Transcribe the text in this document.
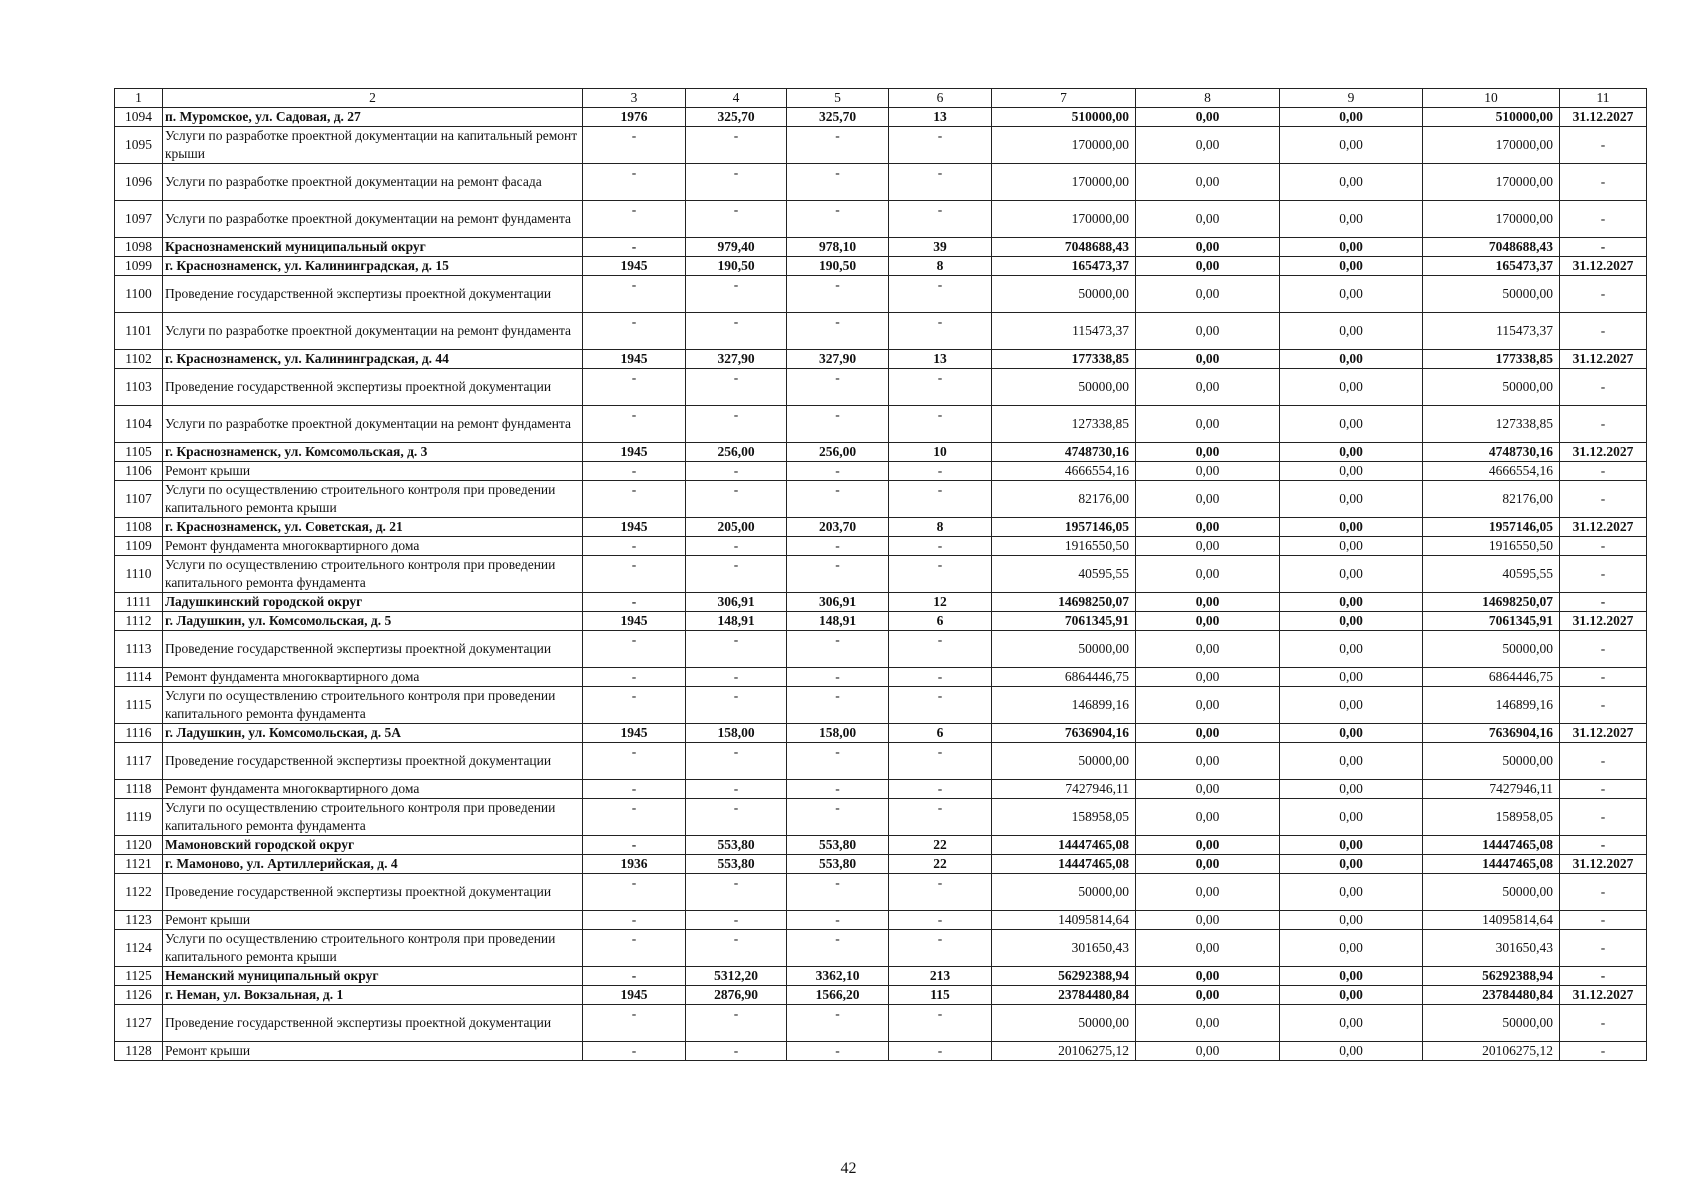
1	2	3	4	5	6	7	8	9	10	11
1094	п. Муромское, ул. Садовая, д. 27	1976	325,70	325,70	13	510000,00	0,00	0,00	510000,00	31.12.2027
1095	Услуги по разработке проектной документации на капитальный ремонт крыши	-	-	-	-	170000,00	0,00	0,00	170000,00	-
1096	Услуги по разработке проектной документации на ремонт фасада	-	-	-	-	170000,00	0,00	0,00	170000,00	-
1097	Услуги по разработке проектной документации на ремонт фундамента	-	-	-	-	170000,00	0,00	0,00	170000,00	-
1098	Краснознаменский муниципальный округ	-	979,40	978,10	39	7048688,43	0,00	0,00	7048688,43	-
1099	г. Краснознаменск, ул. Калининградская, д. 15	1945	190,50	190,50	8	165473,37	0,00	0,00	165473,37	31.12.2027
1100	Проведение государственной экспертизы проектной документации	-	-	-	-	50000,00	0,00	0,00	50000,00	-
1101	Услуги по разработке проектной документации на ремонт фундамента	-	-	-	-	115473,37	0,00	0,00	115473,37	-
1102	г. Краснознаменск, ул. Калининградская, д. 44	1945	327,90	327,90	13	177338,85	0,00	0,00	177338,85	31.12.2027
1103	Проведение государственной экспертизы проектной документации	-	-	-	-	50000,00	0,00	0,00	50000,00	-
1104	Услуги по разработке проектной документации на ремонт фундамента	-	-	-	-	127338,85	0,00	0,00	127338,85	-
1105	г. Краснознаменск, ул. Комсомольская, д. 3	1945	256,00	256,00	10	4748730,16	0,00	0,00	4748730,16	31.12.2027
1106	Ремонт крыши	-	-	-	-	4666554,16	0,00	0,00	4666554,16	-
1107	Услуги по осуществлению строительного контроля при проведении капитального ремонта крыши	-	-	-	-	82176,00	0,00	0,00	82176,00	-
1108	г. Краснознаменск, ул. Советская, д. 21	1945	205,00	203,70	8	1957146,05	0,00	0,00	1957146,05	31.12.2027
1109	Ремонт фундамента многоквартирного дома	-	-	-	-	1916550,50	0,00	0,00	1916550,50	-
1110	Услуги по осуществлению строительного контроля при проведении капитального ремонта фундамента	-	-	-	-	40595,55	0,00	0,00	40595,55	-
1111	Ладушкинский городской округ	-	306,91	306,91	12	14698250,07	0,00	0,00	14698250,07	-
1112	г. Ладушкин, ул. Комсомольская, д. 5	1945	148,91	148,91	6	7061345,91	0,00	0,00	7061345,91	31.12.2027
1113	Проведение государственной экспертизы проектной документации	-	-	-	-	50000,00	0,00	0,00	50000,00	-
1114	Ремонт фундамента многоквартирного дома	-	-	-	-	6864446,75	0,00	0,00	6864446,75	-
1115	Услуги по осуществлению строительного контроля при проведении капитального ремонта фундамента	-	-	-	-	146899,16	0,00	0,00	146899,16	-
1116	г. Ладушкин, ул. Комсомольская, д. 5А	1945	158,00	158,00	6	7636904,16	0,00	0,00	7636904,16	31.12.2027
1117	Проведение государственной экспертизы проектной документации	-	-	-	-	50000,00	0,00	0,00	50000,00	-
1118	Ремонт фундамента многоквартирного дома	-	-	-	-	7427946,11	0,00	0,00	7427946,11	-
1119	Услуги по осуществлению строительного контроля при проведении капитального ремонта фундамента	-	-	-	-	158958,05	0,00	0,00	158958,05	-
1120	Мамоновский городской округ	-	553,80	553,80	22	14447465,08	0,00	0,00	14447465,08	-
1121	г. Мамоново, ул. Артиллерийская, д. 4	1936	553,80	553,80	22	14447465,08	0,00	0,00	14447465,08	31.12.2027
1122	Проведение государственной экспертизы проектной документации	-	-	-	-	50000,00	0,00	0,00	50000,00	-
1123	Ремонт крыши	-	-	-	-	14095814,64	0,00	0,00	14095814,64	-
1124	Услуги по осуществлению строительного контроля при проведении капитального ремонта крыши	-	-	-	-	301650,43	0,00	0,00	301650,43	-
1125	Неманский муниципальный округ	-	5312,20	3362,10	213	56292388,94	0,00	0,00	56292388,94	-
1126	г. Неман, ул. Вокзальная, д. 1	1945	2876,90	1566,20	115	23784480,84	0,00	0,00	23784480,84	31.12.2027
1127	Проведение государственной экспертизы проектной документации	-	-	-	-	50000,00	0,00	0,00	50000,00	-
1128	Ремонт крыши	-	-	-	-	20106275,12	0,00	0,00	20106275,12	-
42
